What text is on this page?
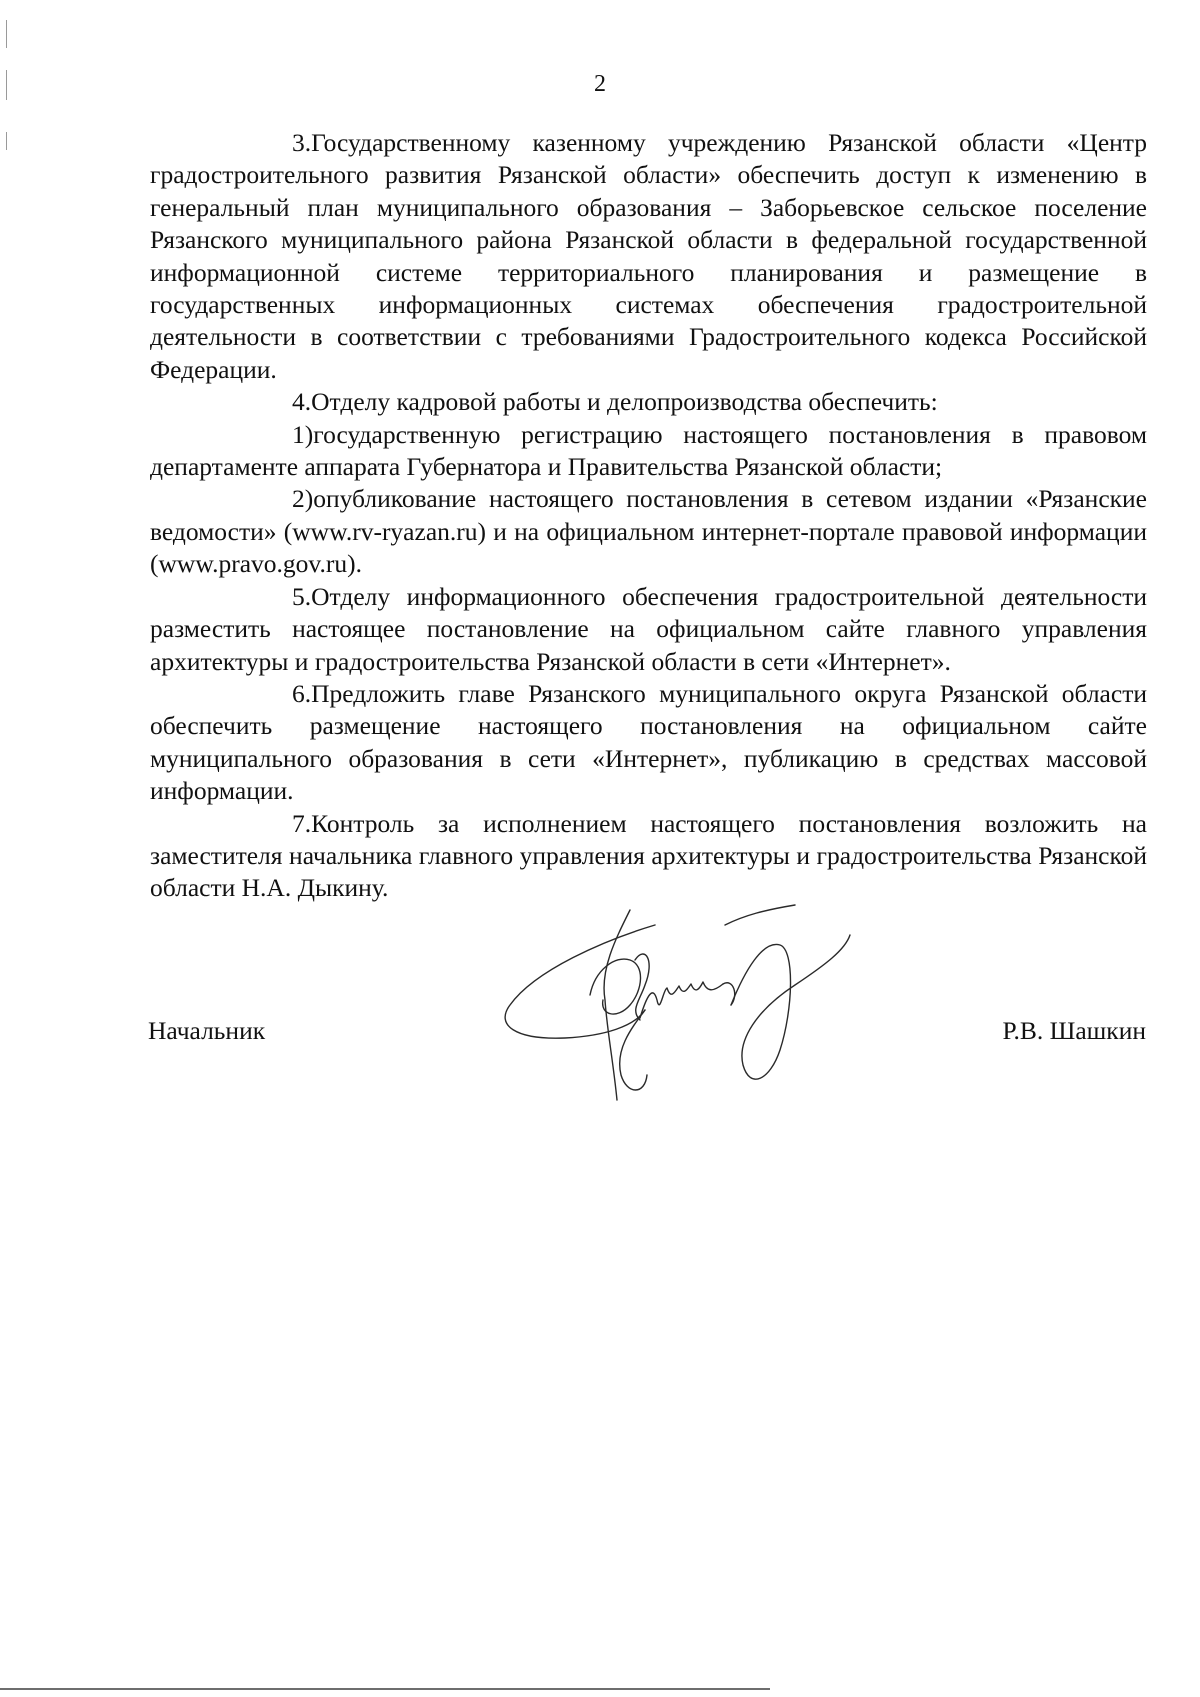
2

3.Государственному казенному учреждению Рязанской области «Центр градостроительного развития Рязанской области» обеспечить доступ к изменению в генеральный план муниципального образования – Заборьевское сельское поселение Рязанского муниципального района Рязанской области в федеральной государственной информационной системе территориального планирования и размещение в государственных информационных системах обеспечения градостроительной деятельности в соответствии с требованиями Градостроительного кодекса Российской Федерации.

4.Отделу кадровой работы и делопроизводства обеспечить:

1)государственную регистрацию настоящего постановления в правовом департаменте аппарата Губернатора и Правительства Рязанской области;

2)опубликование настоящего постановления в сетевом издании «Рязанские ведомости» (www.rv-ryazan.ru) и на официальном интернет-портале правовой информации (www.pravo.gov.ru).

5.Отделу информационного обеспечения градостроительной деятельности разместить настоящее постановление на официальном сайте главного управления архитектуры и градостроительства Рязанской области в сети «Интернет».

6.Предложить главе Рязанского муниципального округа Рязанской области обеспечить размещение настоящего постановления на официальном сайте муниципального образования в сети «Интернет», публикацию в средствах массовой информации.

7.Контроль за исполнением настоящего постановления возложить на заместителя начальника главного управления архитектуры и градостроительства Рязанской области Н.А. Дыкину.

Начальник	Р.В. Шашкин
